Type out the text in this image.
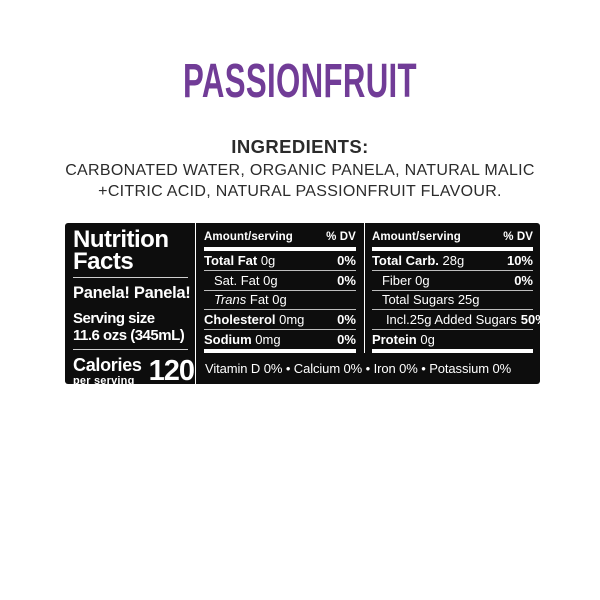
PASSIONFRUIT
INGREDIENTS:
CARBONATED WATER, ORGANIC PANELA, NATURAL MALIC
+CITRIC ACID, NATURAL PASSIONFRUIT FLAVOUR.
Nutrition
Facts
Panela! Panela!
Serving size
11.6 ozs (345mL)
Calories
per serving 120
Amount/serving	% DV
Total Fat 0g	0%
Sat. Fat 0g	0%
Trans Fat 0g
Cholesterol 0mg	0%
Sodium 0mg	0%
Amount/serving	% DV
Total Carb. 28g	10%
Fiber 0g	0%
Total Sugars 25g
Incl.25g Added Sugars 50%
Protein 0g
Vitamin D 0% • Calcium 0% • Iron 0% • Potassium 0%
